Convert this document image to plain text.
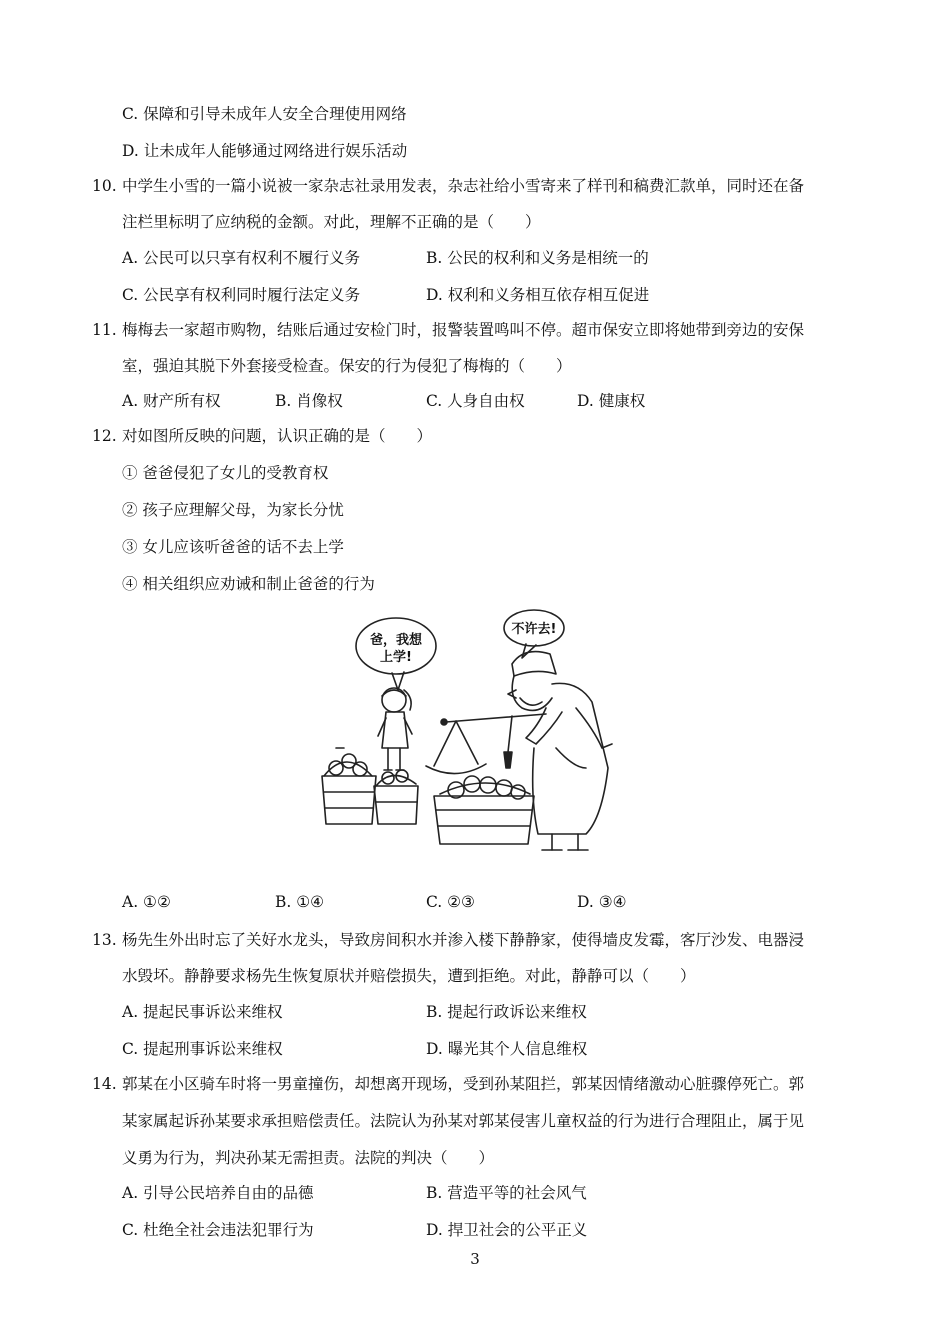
C. 保障和引导未成年人安全合理使用网络
D. 让未成年人能够通过网络进行娱乐活动
10. 中学生小雪的一篇小说被一家杂志社录用发表，杂志社给小雪寄来了样刊和稿费汇款单，同时还在备
注栏里标明了应纳税的金额。对此，理解不正确的是（　　）
A. 公民可以只享有权利不履行义务	B. 公民的权利和义务是相统一的
C. 公民享有权利同时履行法定义务	D. 权利和义务相互依存相互促进
11. 梅梅去一家超市购物，结账后通过安检门时，报警装置鸣叫不停。超市保安立即将她带到旁边的安保
室，强迫其脱下外套接受检查。保安的行为侵犯了梅梅的（　　）
A. 财产所有权	B. 肖像权	C. 人身自由权	D. 健康权
12. 对如图所反映的问题，认识正确的是（　　）
① 爸爸侵犯了女儿的受教育权
② 孩子应理解父母，为家长分忧
③ 女儿应该听爸爸的话不去上学
④ 相关组织应劝诫和制止爸爸的行为
爸，我想
上学!
不许去!
A. ①②	B. ①④	C. ②③	D. ③④
13. 杨先生外出时忘了关好水龙头，导致房间积水并渗入楼下静静家，使得墙皮发霉，客厅沙发、电器浸
水毁坏。静静要求杨先生恢复原状并赔偿损失，遭到拒绝。对此，静静可以（　　）
A. 提起民事诉讼来维权	B. 提起行政诉讼来维权
C. 提起刑事诉讼来维权	D. 曝光其个人信息维权
14. 郭某在小区骑车时将一男童撞伤，却想离开现场，受到孙某阻拦，郭某因情绪激动心脏骤停死亡。郭
某家属起诉孙某要求承担赔偿责任。法院认为孙某对郭某侵害儿童权益的行为进行合理阻止，属于见
义勇为行为，判决孙某无需担责。法院的判决（　　）
A. 引导公民培养自由的品德	B. 营造平等的社会风气
C. 杜绝全社会违法犯罪行为	D. 捍卫社会的公平正义
3
